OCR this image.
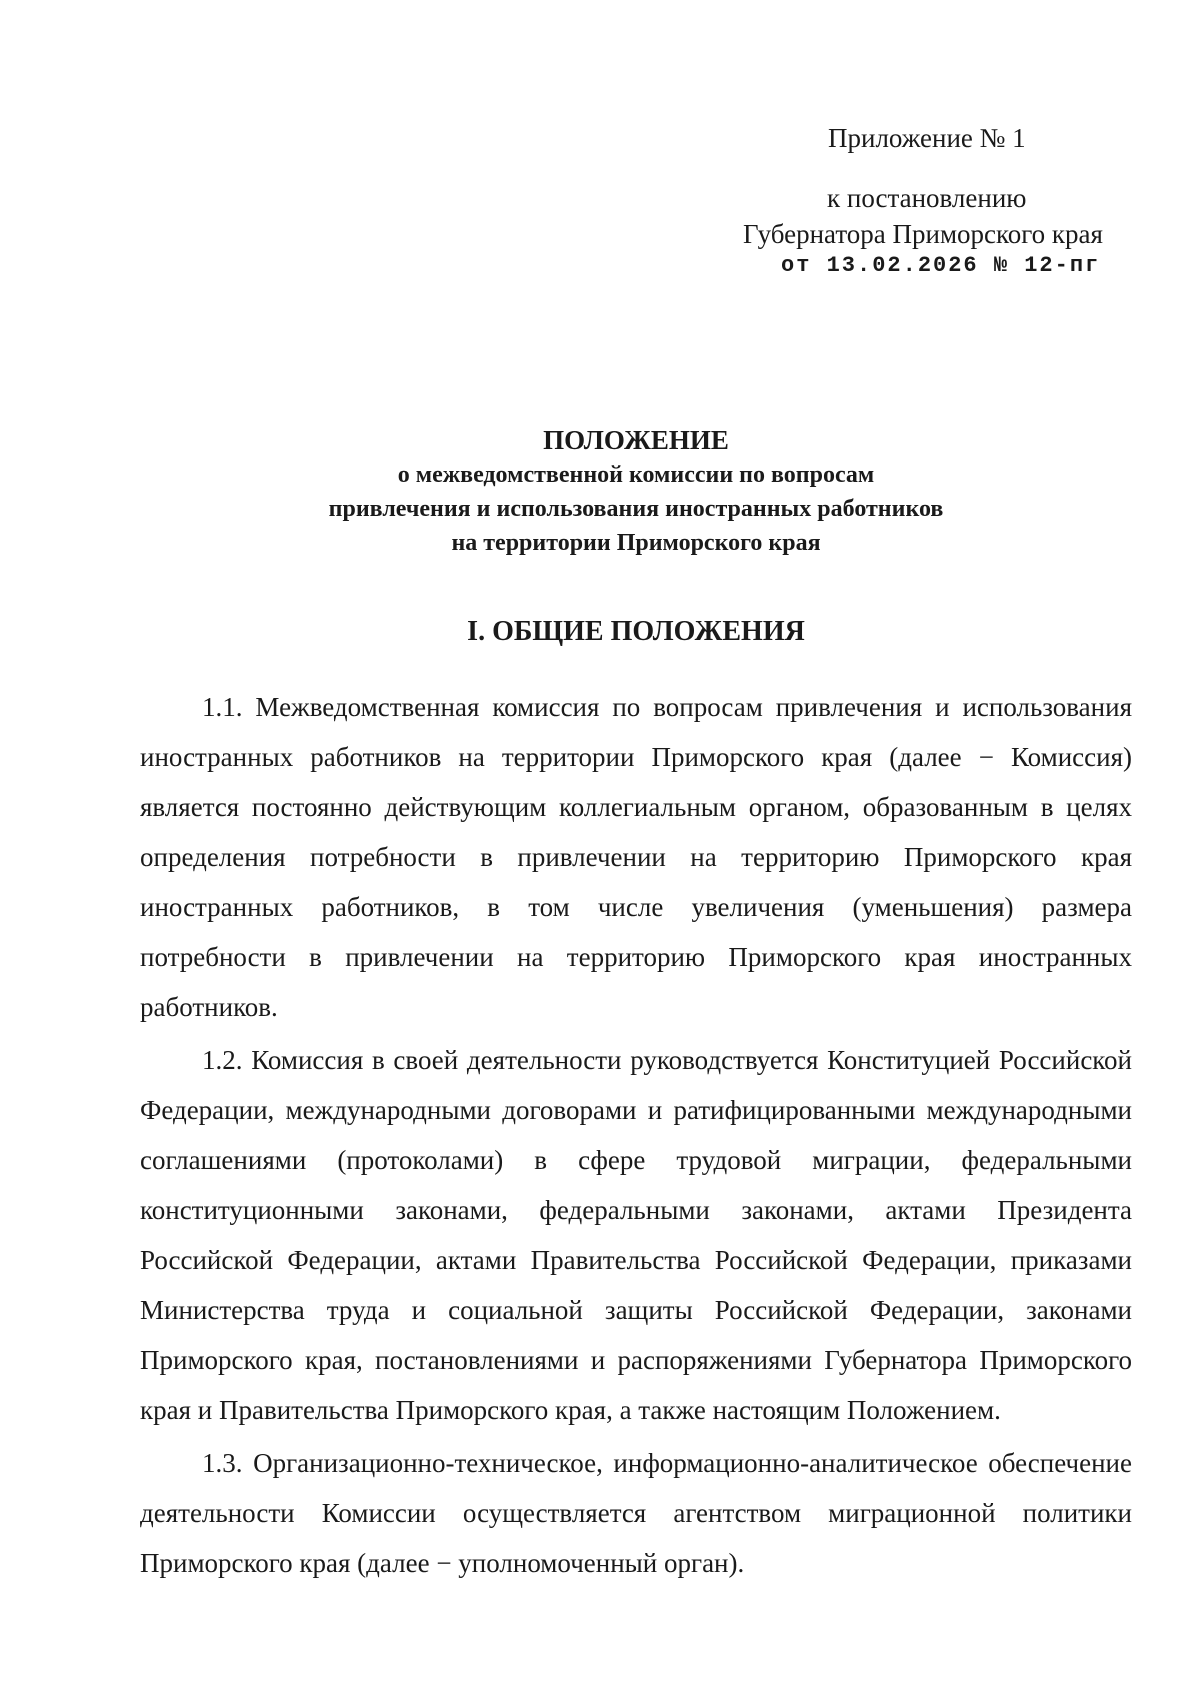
Приложение № 1
к постановлению
Губернатора Приморского края
от 13.02.2026 № 12-пг
ПОЛОЖЕНИЕ
о межведомственной комиссии по вопросам
привлечения и использования иностранных работников
на территории Приморского края
I. ОБЩИЕ ПОЛОЖЕНИЯ

1.1. Межведомственная комиссия по вопросам привлечения и использования иностранных работников на территории Приморского края (далее − Комиссия) является постоянно действующим коллегиальным органом, образованным в целях определения потребности в привлечении на территорию Приморского края иностранных работников, в том числе увеличения (уменьшения) размера потребности в привлечении на территорию Приморского края иностранных работников.

1.2. Комиссия в своей деятельности руководствуется Конституцией Российской Федерации, международными договорами и ратифицированными международными соглашениями (протоколами) в сфере трудовой миграции, федеральными конституционными законами, федеральными законами, актами Президента Российской Федерации, актами Правительства Российской Федерации, приказами Министерства труда и социальной защиты Российской Федерации, законами Приморского края, постановлениями и распоряжениями Губернатора Приморского края и Правительства Приморского края, а также настоящим Положением.

1.3. Организационно-техническое, информационно-аналитическое обеспечение деятельности Комиссии осуществляется агентством миграционной политики Приморского края (далее − уполномоченный орган).
